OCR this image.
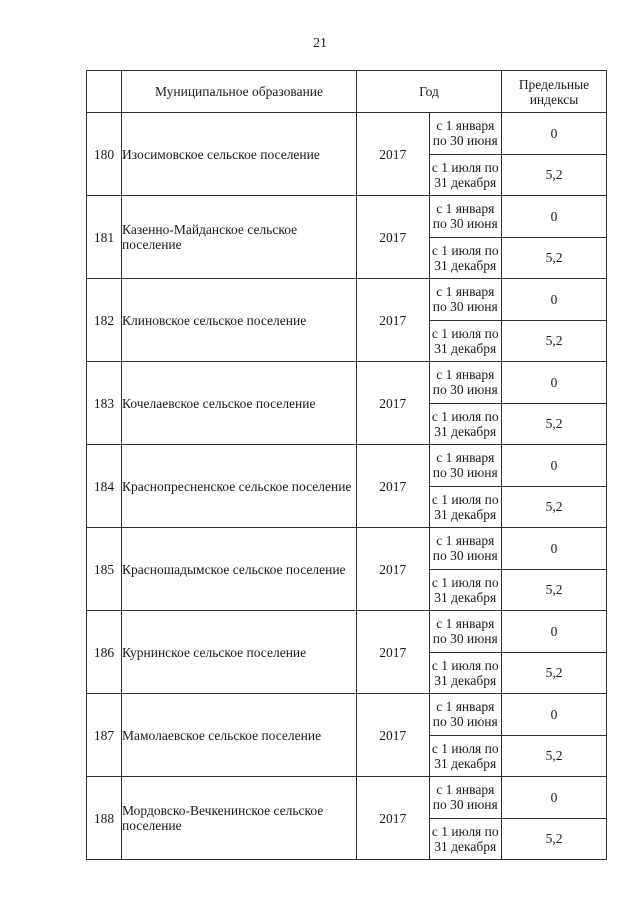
21
	Муниципальное образование	Год		Предельные
индексы
180	Изосимовское сельское поселение	2017	с 1 января
по 30 июня	0

			с 1 июля по
31 декабря	5,2
181	Казенно-Майданское сельское поселение	2017	с 1 января
по 30 июня	0

			с 1 июля по
31 декабря	5,2
182	Клиновское сельское поселение	2017	с 1 января
по 30 июня	0

			с 1 июля по
31 декабря	5,2
183	Кочелаевское сельское поселение	2017	с 1 января
по 30 июня	0

			с 1 июля по
31 декабря	5,2
184	Краснопресненское сельское поселение	2017	с 1 января
по 30 июня	0

			с 1 июля по
31 декабря	5,2
185	Красношадымское сельское поселение	2017	с 1 января
по 30 июня	0

			с 1 июля по
31 декабря	5,2
186	Курнинское сельское поселение	2017	с 1 января
по 30 июня	0

			с 1 июля по
31 декабря	5,2
187	Мамолаевское сельское поселение	2017	с 1 января
по 30 июня	0

			с 1 июля по
31 декабря	5,2
188	Мордовско-Вечкенинское сельское поселение	2017	с 1 января
по 30 июня	0

			с 1 июля по
31 декабря	5,2
